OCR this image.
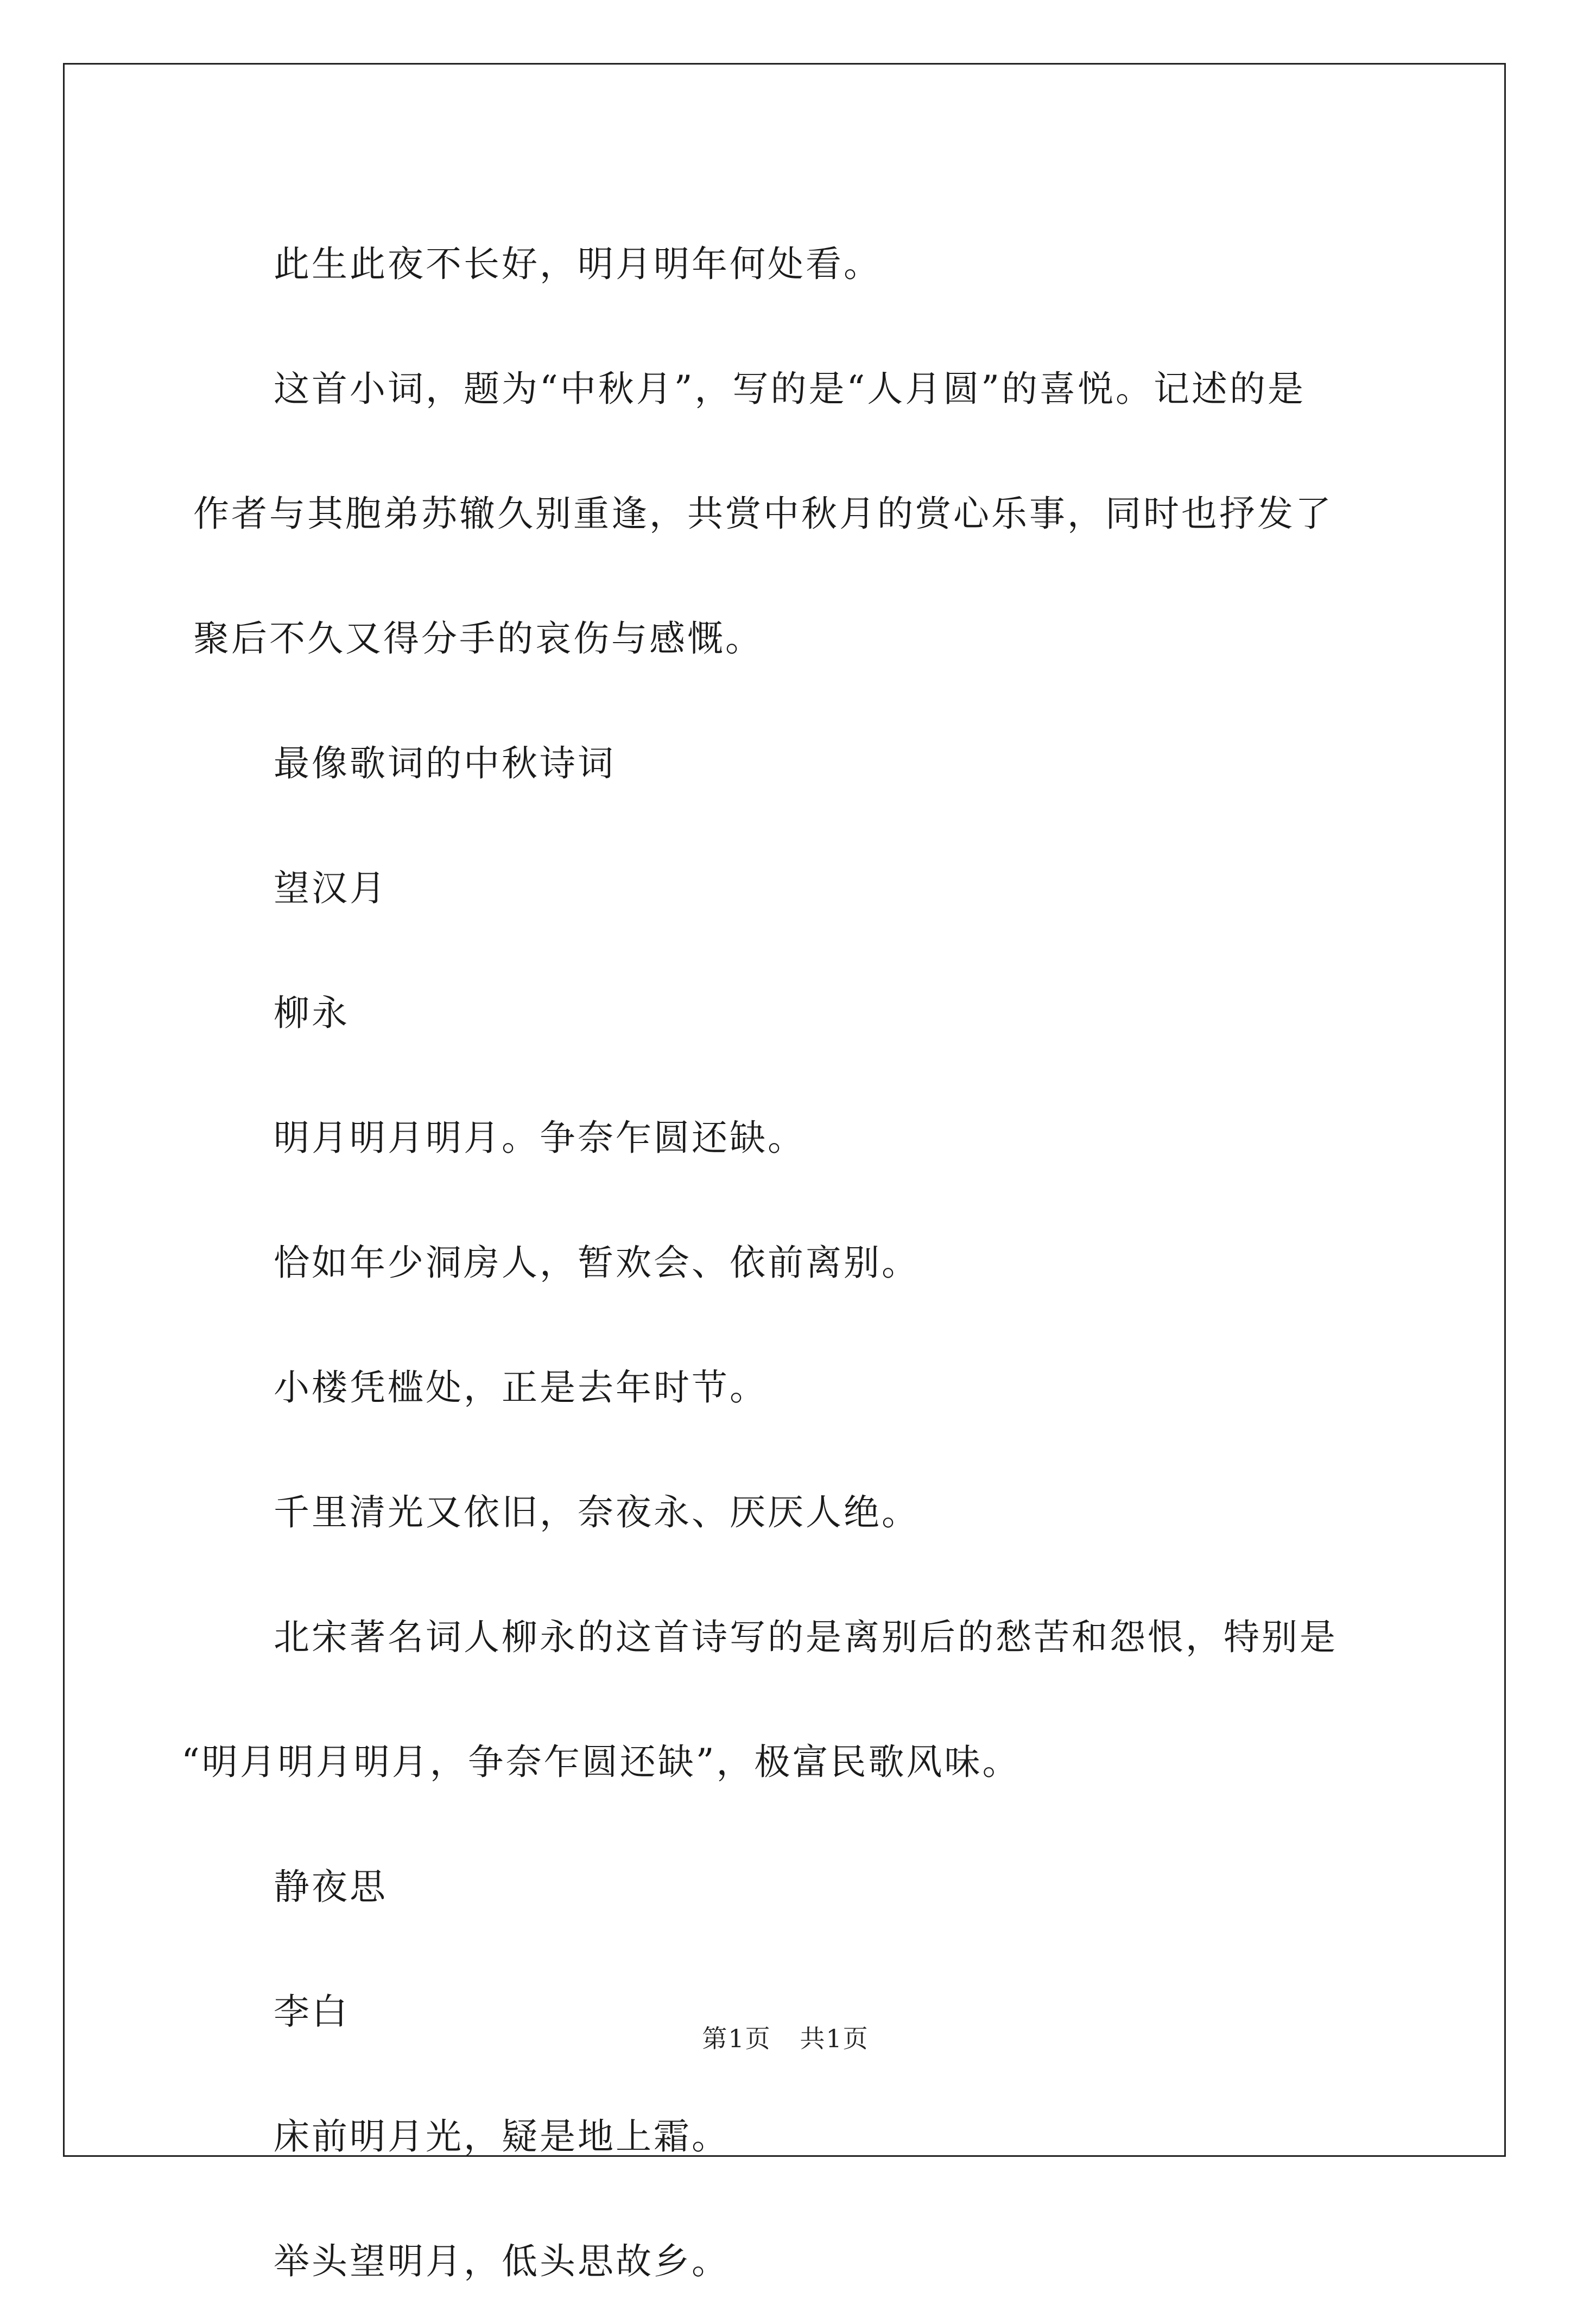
此生此夜不长好，明月明年何处看。
这首小词，题为“中秋月”，写的是“人月圆”的喜悦。记述的是
作者与其胞弟苏辙久别重逢，共赏中秋月的赏心乐事，同时也抒发了
聚后不久又得分手的哀伤与感慨。
最像歌词的中秋诗词
望汉月
柳永
明月明月明月。争奈乍圆还缺。
恰如年少洞房人，暂欢会、依前离别。
小楼凭槛处，正是去年时节。
千里清光又依旧，奈夜永、厌厌人绝。
北宋著名词人柳永的这首诗写的是离别后的愁苦和怨恨，特别是
“明月明月明月，争奈乍圆还缺”，极富民歌风味。
静夜思
李白
床前明月光，疑是地上霜。
举头望明月，低头思故乡。
第1页 共1页
